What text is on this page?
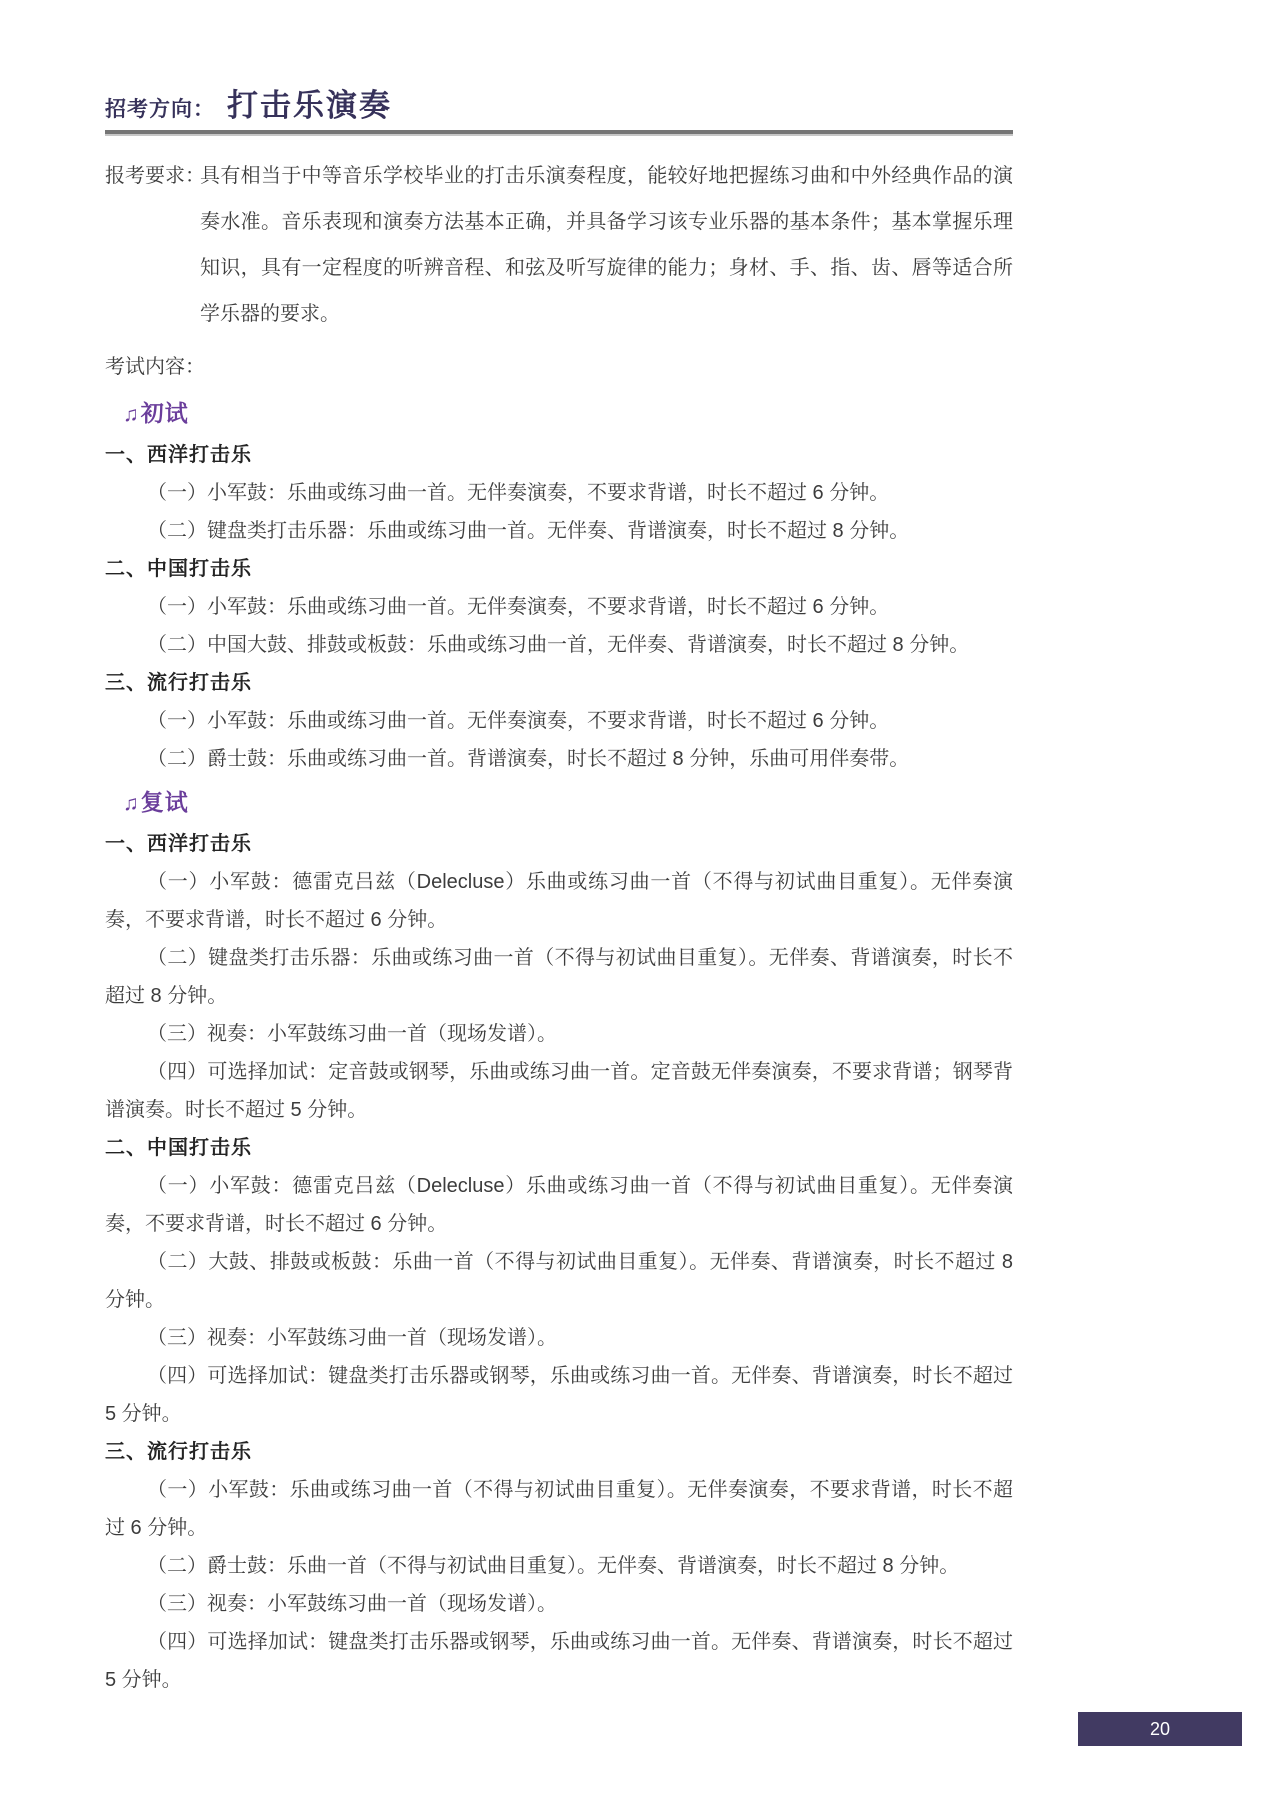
招考方向： 打击乐演奏
报考要求：

具有相当于中等音乐学校毕业的打击乐演奏程度，能较好地把握练习曲和中外经典作品的演奏水准。音乐表现和演奏方法基本正确，并具备学习该专业乐器的基本条件；基本掌握乐理知识，具有一定程度的听辨音程、和弦及听写旋律的能力；身材、手、指、齿、唇等适合所学乐器的要求。

考试内容：

♫初试
一、西洋打击乐

（一）小军鼓：乐曲或练习曲一首。无伴奏演奏，不要求背谱，时长不超过 6 分钟。

（二）键盘类打击乐器：乐曲或练习曲一首。无伴奏、背谱演奏，时长不超过 8 分钟。

二、中国打击乐

（一）小军鼓：乐曲或练习曲一首。无伴奏演奏，不要求背谱，时长不超过 6 分钟。

（二）中国大鼓、排鼓或板鼓：乐曲或练习曲一首，无伴奏、背谱演奏，时长不超过 8 分钟。

三、流行打击乐

（一）小军鼓：乐曲或练习曲一首。无伴奏演奏，不要求背谱，时长不超过 6 分钟。

（二）爵士鼓：乐曲或练习曲一首。背谱演奏，时长不超过 8 分钟，乐曲可用伴奏带。

♫复试
一、西洋打击乐

（一）小军鼓：德雷克吕兹（Delecluse）乐曲或练习曲一首（不得与初试曲目重复）。无伴奏演奏，不要求背谱，时长不超过 6 分钟。

（二）键盘类打击乐器：乐曲或练习曲一首（不得与初试曲目重复）。无伴奏、背谱演奏，时长不超过 8 分钟。

（三）视奏：小军鼓练习曲一首（现场发谱）。

（四）可选择加试：定音鼓或钢琴，乐曲或练习曲一首。定音鼓无伴奏演奏，不要求背谱；钢琴背谱演奏。时长不超过 5 分钟。

二、中国打击乐

（一）小军鼓：德雷克吕兹（Delecluse）乐曲或练习曲一首（不得与初试曲目重复）。无伴奏演奏，不要求背谱，时长不超过 6 分钟。

（二）大鼓、排鼓或板鼓：乐曲一首（不得与初试曲目重复）。无伴奏、背谱演奏，时长不超过 8 分钟。

（三）视奏：小军鼓练习曲一首（现场发谱）。

（四）可选择加试：键盘类打击乐器或钢琴，乐曲或练习曲一首。无伴奏、背谱演奏，时长不超过 5 分钟。

三、流行打击乐

（一）小军鼓：乐曲或练习曲一首（不得与初试曲目重复）。无伴奏演奏，不要求背谱，时长不超过 6 分钟。

（二）爵士鼓：乐曲一首（不得与初试曲目重复）。无伴奏、背谱演奏，时长不超过 8 分钟。

（三）视奏：小军鼓练习曲一首（现场发谱）。

（四）可选择加试：键盘类打击乐器或钢琴，乐曲或练习曲一首。无伴奏、背谱演奏，时长不超过 5 分钟。

20
